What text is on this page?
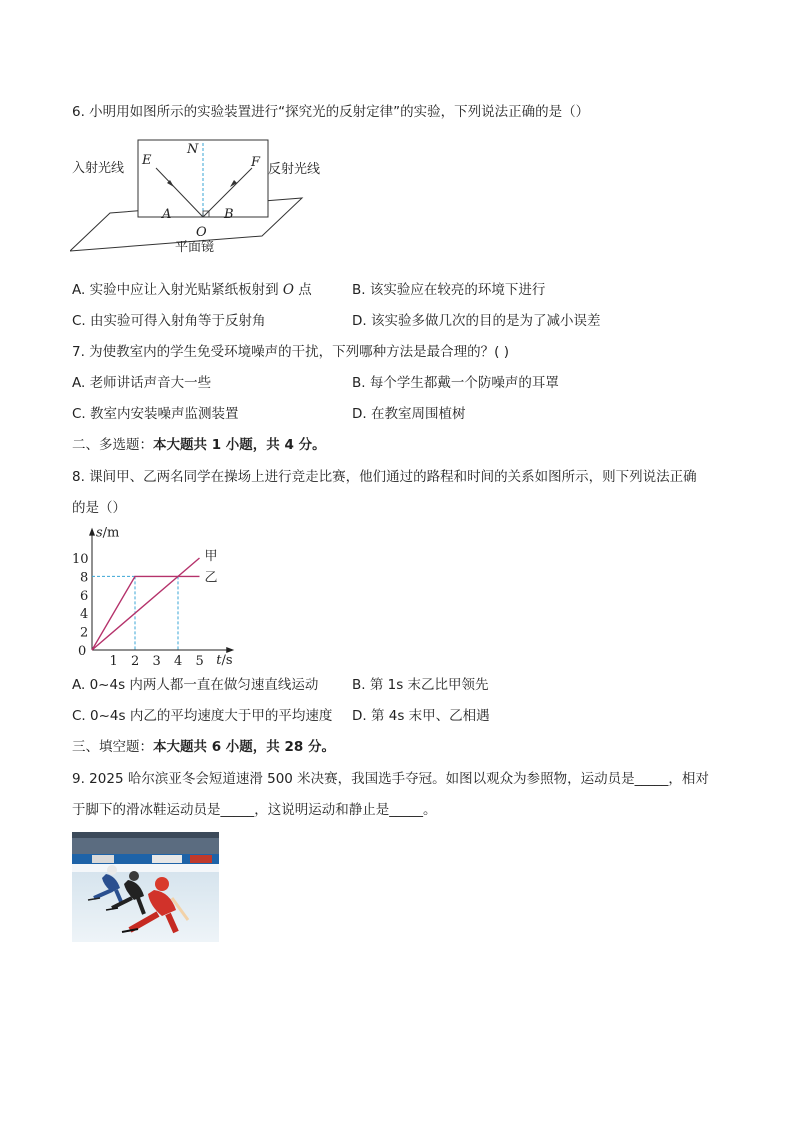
6. 小明用如图所示的实验装置进行“探究光的反射定律”的实验，下列说法正确的是（）
入射光线	反射光线
E
N
F
A	B
O
平面镜
A. 实验中应让入射光贴紧纸板射到 O 点	B. 该实验应在较亮的环境下进行
C. 由实验可得入射角等于反射角	D. 该实验多做几次的目的是为了减小误差
7. 为使教室内的学生免受环境噪声的干扰，下列哪种方法是最合理的？( )
A. 老师讲话声音大一些	B. 每个学生都戴一个防噪声的耳罩
C. 教室内安装噪声监测装置	D. 在教室周围植树
二、多选题：本大题共 1 小题，共 4 分。
8. 课间甲、乙两名同学在操场上进行竞走比赛，他们通过的路程和时间的关系如图所示，则下列说法正确
的是（）
s/m
t/s
0
1 2 3 4 5
2
4
6
8
10	甲
乙
A. 0~4s 内两人都一直在做匀速直线运动 B. 第 1s 末乙比甲领先
C. 0~4s 内乙的平均速度大于甲的平均速度 D. 第 4s 末甲、乙相遇
三、填空题：本大题共 6 小题，共 28 分。
9. 2025 哈尔滨亚冬会短道速滑 500 米决赛，我国选手夺冠。如图以观众为参照物，运动员是_____，相对
于脚下的滑冰鞋运动员是_____，这说明运动和静止是_____。
